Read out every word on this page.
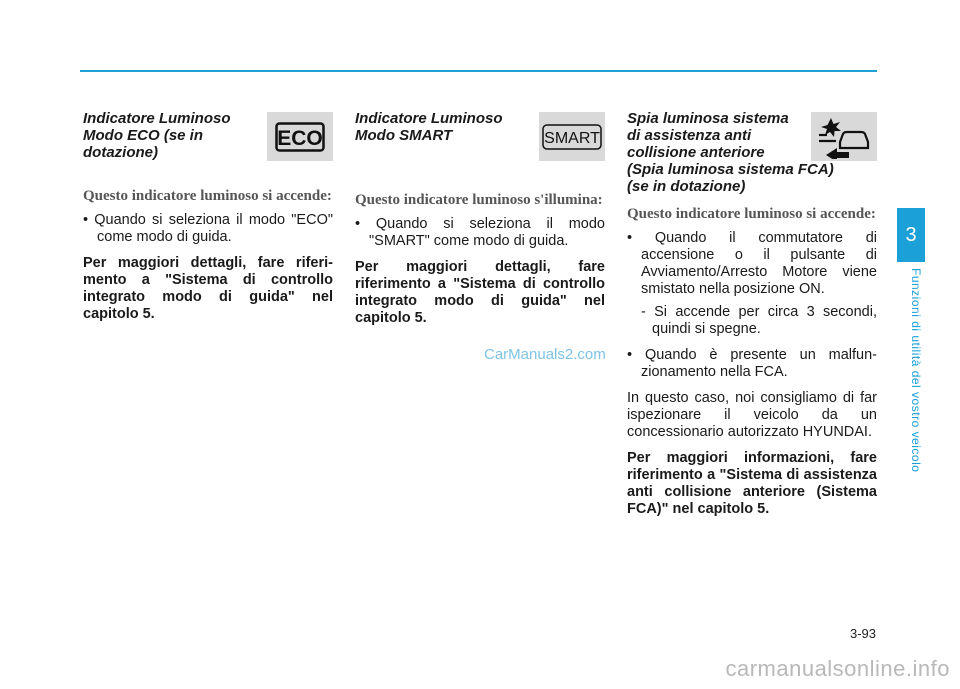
Indicatore Luminoso
Modo ECO (se in
dotazione)
ECO

Questo indicatore luminoso si accende:

• Quando si seleziona il modo "ECO" come modo di guida.

Per maggiori dettagli, fare riferi-mento a "Sistema di controllo integrato modo di guida" nel capitolo 5.

Indicatore Luminoso
Modo SMART	SMART

Questo indicatore luminoso s'illumina:

• Quando si seleziona il modo "SMART" come modo di guida.

Per maggiori dettagli, fare riferimento a "Sistema di controllo integrato modo di guida" nel capitolo 5.

Spia luminosa sistema
di assistenza anti
collisione anteriore
(Spia luminosa sistema FCA)
(se in dotazione)

Questo indicatore luminoso si accende:

• Quando il commutatore di accensione o il pulsante di Avviamento/Arresto Motore viene smistato nella posizione ON.

- Si accende per circa 3 secondi, quindi si spegne.

• Quando è presente un malfun-zionamento nella FCA.

In questo caso, noi consigliamo di far ispezionare il veicolo da un concessionario autorizzato HYUNDAI.

Per maggiori informazioni, fare riferimento a "Sistema di assistenza anti collisione anteriore (Sistema FCA)" nel capitolo 5.

CarManuals2.com
3
Funzioni di utilità del vostro veicolo
3-93
carmanualsonline.info
